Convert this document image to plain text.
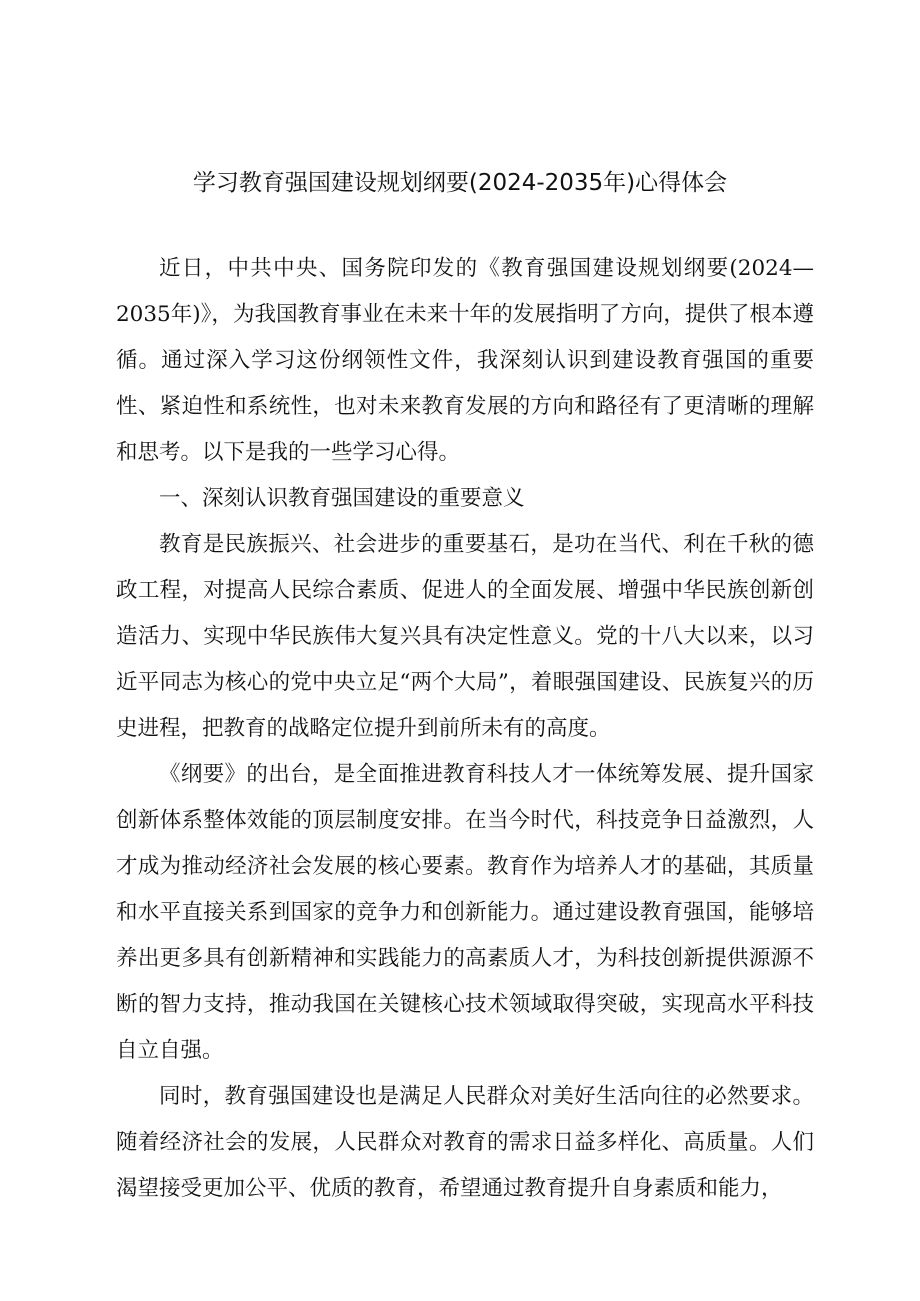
学习教育强国建设规划纲要(2024-2035年)心得体会

近日，中共中央、国务院印发的《教育强国建设规划纲要(2024—2035年)》，为我国教育事业在未来十年的发展指明了方向，提供了根本遵循。通过深入学习这份纲领性文件，我深刻认识到建设教育强国的重要性、紧迫性和系统性，也对未来教育发展的方向和路径有了更清晰的理解和思考。以下是我的一些学习心得。

一、深刻认识教育强国建设的重要意义

教育是民族振兴、社会进步的重要基石，是功在当代、利在千秋的德政工程，对提高人民综合素质、促进人的全面发展、增强中华民族创新创造活力、实现中华民族伟大复兴具有决定性意义。党的十八大以来，以习近平同志为核心的党中央立足“两个大局”，着眼强国建设、民族复兴的历史进程，把教育的战略定位提升到前所未有的高度。

《纲要》的出台，是全面推进教育科技人才一体统筹发展、提升国家创新体系整体效能的顶层制度安排。在当今时代，科技竞争日益激烈，人才成为推动经济社会发展的核心要素。教育作为培养人才的基础，其质量和水平直接关系到国家的竞争力和创新能力。通过建设教育强国，能够培养出更多具有创新精神和实践能力的高素质人才，为科技创新提供源源不断的智力支持，推动我国在关键核心技术领域取得突破，实现高水平科技自立自强。

同时，教育强国建设也是满足人民群众对美好生活向往的必然要求。随着经济社会的发展，人民群众对教育的需求日益多样化、高质量。人们渴望接受更加公平、优质的教育，希望通过教育提升自身素质和能力，
